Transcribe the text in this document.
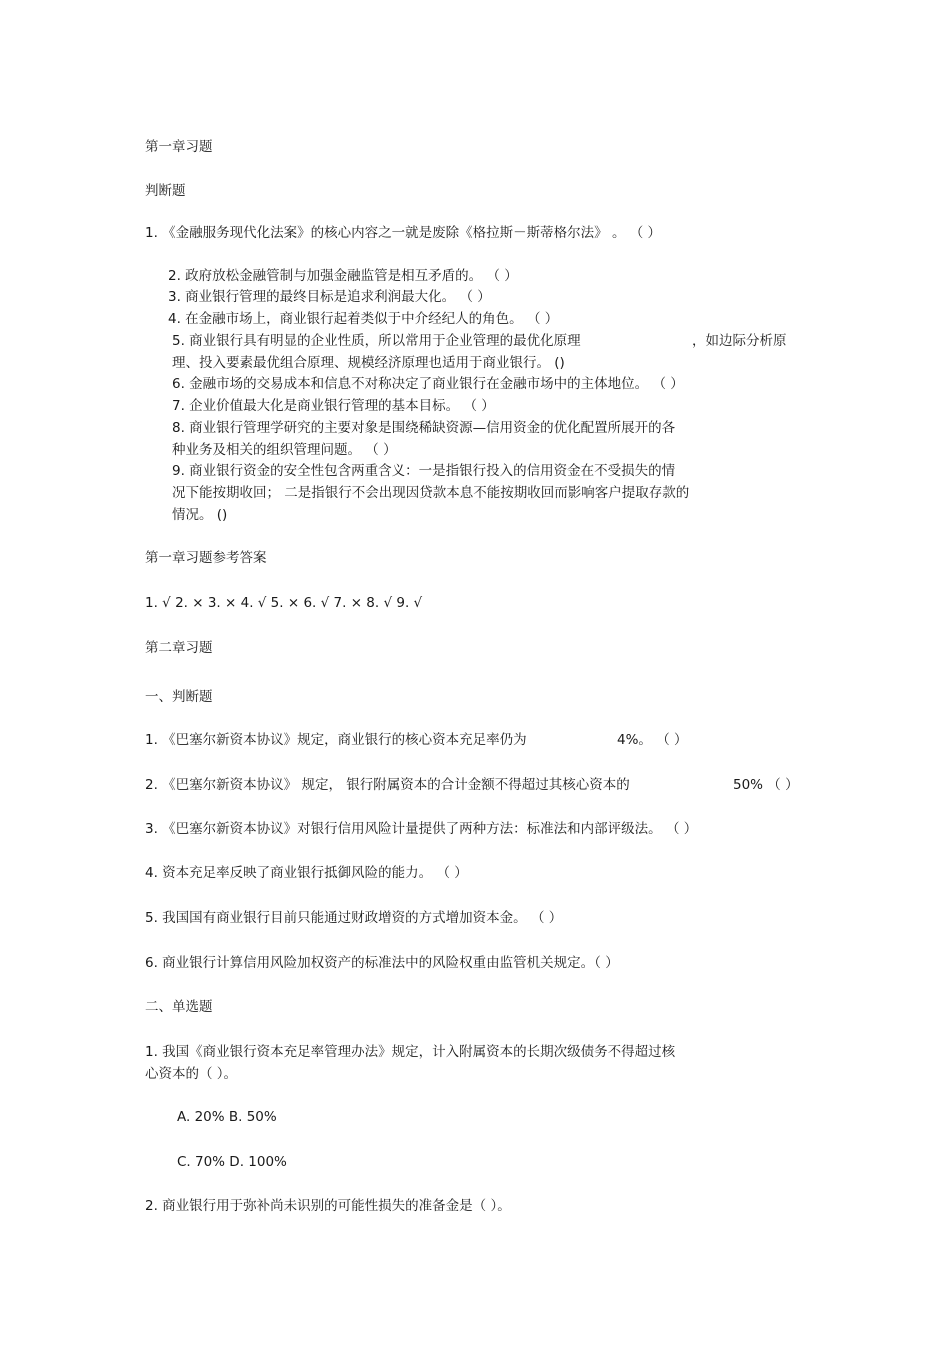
第一章习题
判断题
1. 《金融服务现代化法案》的核心内容之一就是废除《格拉斯－斯蒂格尔法》 。 （ ）
2. 政府放松金融管制与加强金融监管是相互矛盾的。 （ ）
3. 商业银行管理的最终目标是追求利润最大化。 （ ）
4. 在金融市场上，商业银行起着类似于中介经纪人的角色。 （ ）
5. 商业银行具有明显的企业性质，所以常用于企业管理的最优化原理	，如边际分析原
理、投入要素最优组合原理、规模经济原理也适用于商业银行。 ()
6. 金融市场的交易成本和信息不对称决定了商业银行在金融市场中的主体地位。 （ ）
7. 企业价值最大化是商业银行管理的基本目标。 （ ）
8. 商业银行管理学研究的主要对象是围绕稀缺资源—信用资金的优化配置所展开的各
种业务及相关的组织管理问题。 （ ）
9. 商业银行资金的安全性包含两重含义：一是指银行投入的信用资金在不受损失的情
况下能按期收回； 二是指银行不会出现因贷款本息不能按期收回而影响客户提取存款的
情况。 ()
第一章习题参考答案
1. √ 2. × 3. × 4. √ 5. × 6. √ 7. × 8. √ 9. √
第二章习题
一、判断题
1. 《巴塞尔新资本协议》规定，商业银行的核心资本充足率仍为	4%。 （ ）
2. 《巴塞尔新资本协议》 规定， 银行附属资本的合计金额不得超过其核心资本的	50% （ ）
3. 《巴塞尔新资本协议》对银行信用风险计量提供了两种方法：标准法和内部评级法。 （ ）
4. 资本充足率反映了商业银行抵御风险的能力。 （ ）
5. 我国国有商业银行目前只能通过财政增资的方式增加资本金。 （ ）
6. 商业银行计算信用风险加权资产的标准法中的风险权重由监管机关规定。（ ）
二、单选题
1. 我国《商业银行资本充足率管理办法》规定，计入附属资本的长期次级债务不得超过核
心资本的（ ）。
A. 20% B. 50%
C. 70% D. 100%
2. 商业银行用于弥补尚未识别的可能性损失的准备金是（ ）。
